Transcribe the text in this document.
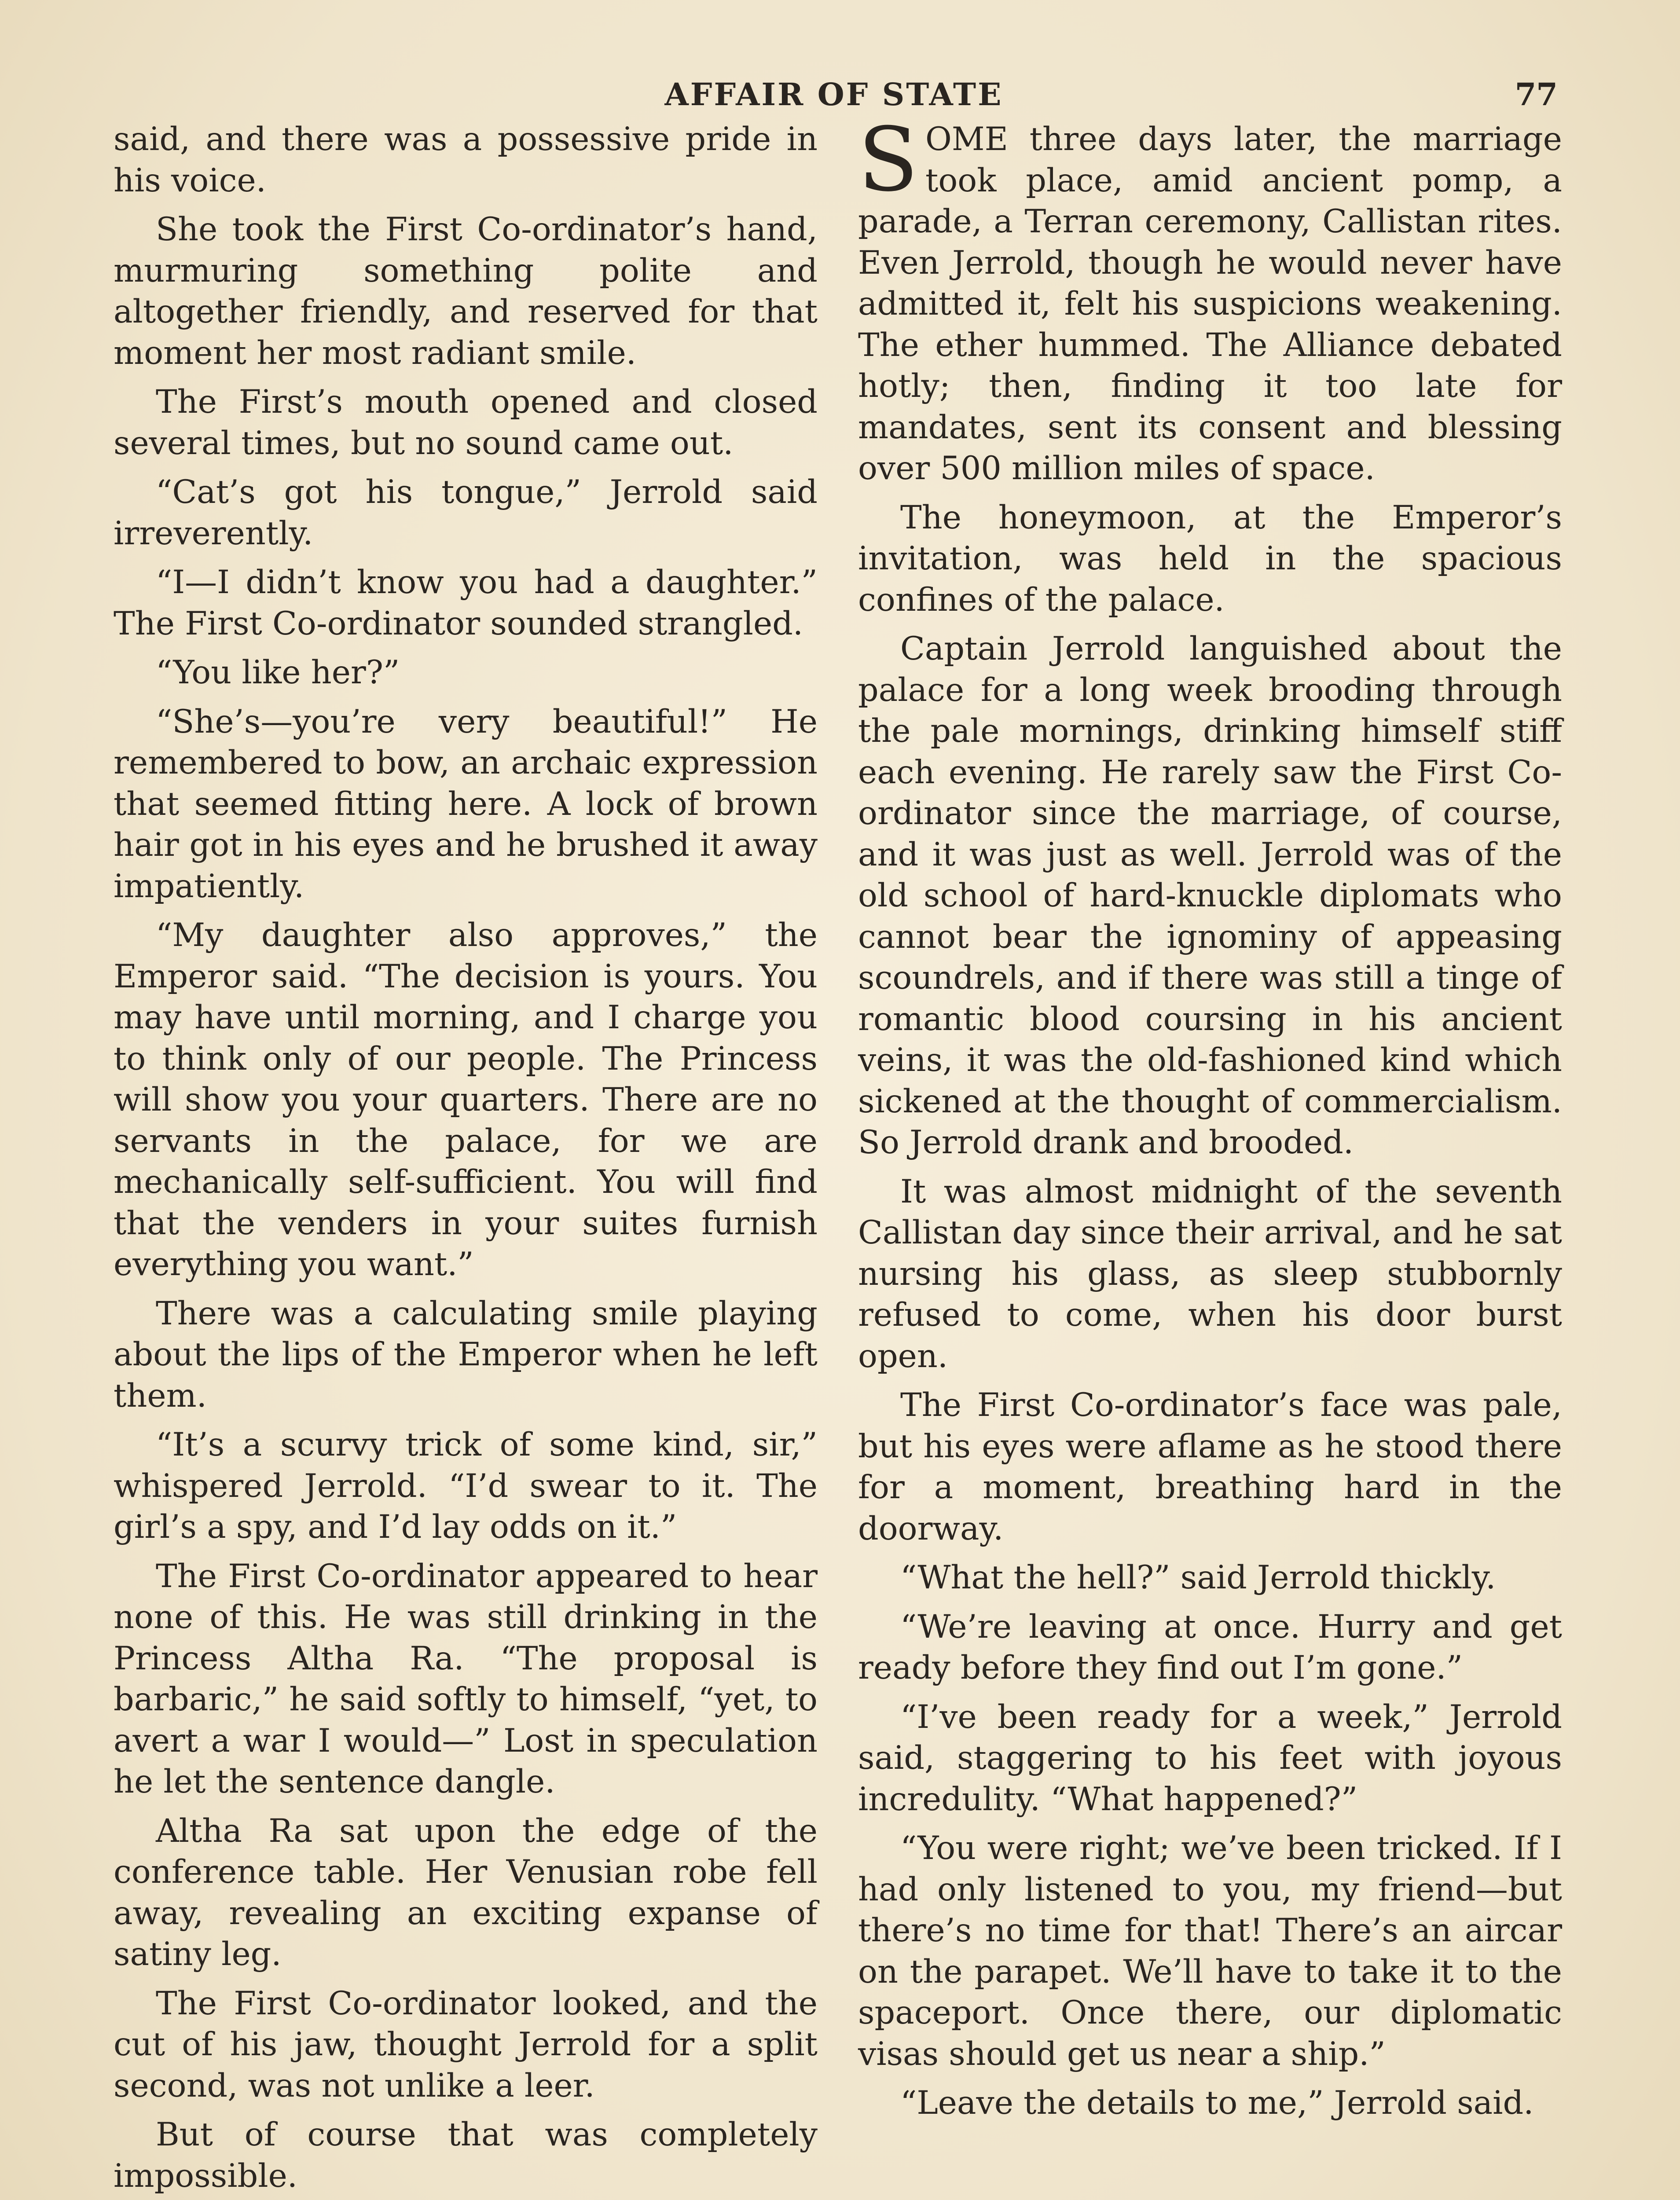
AFFAIR OF STATE	77

said, and there was a possessive pride in his voice.

She took the First Co-ordinator’s hand, murmuring something polite and altogether friendly, and reserved for that moment her most radiant smile.

The First’s mouth opened and closed several times, but no sound came out.

“Cat’s got his tongue,” Jerrold said irreverently.

“I—I didn’t know you had a daughter.” The First Co-ordinator sounded strangled.

“You like her?”

“She’s—you’re very beautiful!” He remembered to bow, an archaic expression that seemed fitting here. A lock of brown hair got in his eyes and he brushed it away impatiently.

“My daughter also approves,” the Emperor said. “The decision is yours. You may have until morning, and I charge you to think only of our people. The Princess will show you your quarters. There are no servants in the palace, for we are mechanically self-sufficient. You will find that the venders in your suites furnish everything you want.”

There was a calculating smile playing about the lips of the Emperor when he left them.

“It’s a scurvy trick of some kind, sir,” whispered Jerrold. “I’d swear to it. The girl’s a spy, and I’d lay odds on it.”

The First Co-ordinator appeared to hear none of this. He was still drinking in the Princess Altha Ra. “The proposal is barbaric,” he said softly to himself, “yet, to avert a war I would—” Lost in speculation he let the sentence dangle.

Altha Ra sat upon the edge of the conference table. Her Venusian robe fell away, revealing an exciting expanse of satiny leg.

The First Co-ordinator looked, and the cut of his jaw, thought Jerrold for a split second, was not unlike a leer.

But of course that was completely impossible.

SOME three days later, the marriage took place, amid ancient pomp, a parade, a Terran ceremony, Callistan rites. Even Jerrold, though he would never have admitted it, felt his suspicions weakening. The ether hummed. The Alliance debated hotly; then, finding it too late for mandates, sent its consent and blessing over 500 million miles of space.

The honeymoon, at the Emperor’s invitation, was held in the spacious confines of the palace.

Captain Jerrold languished about the palace for a long week brooding through the pale mornings, drinking himself stiff each evening. He rarely saw the First Co-ordinator since the marriage, of course, and it was just as well. Jerrold was of the old school of hard-knuckle diplomats who cannot bear the ignominy of appeasing scoundrels, and if there was still a tinge of romantic blood coursing in his ancient veins, it was the old-fashioned kind which sickened at the thought of commercialism. So Jerrold drank and brooded.

It was almost midnight of the seventh Callistan day since their arrival, and he sat nursing his glass, as sleep stubbornly refused to come, when his door burst open.

The First Co-ordinator’s face was pale, but his eyes were aflame as he stood there for a moment, breathing hard in the doorway.

“What the hell?” said Jerrold thickly.

“We’re leaving at once. Hurry and get ready before they find out I’m gone.”

“I’ve been ready for a week,” Jerrold said, staggering to his feet with joyous incredulity. “What happened?”

“You were right; we’ve been tricked. If I had only listened to you, my friend—but there’s no time for that! There’s an aircar on the parapet. We’ll have to take it to the spaceport. Once there, our diplomatic visas should get us near a ship.”

“Leave the details to me,” Jerrold said.
